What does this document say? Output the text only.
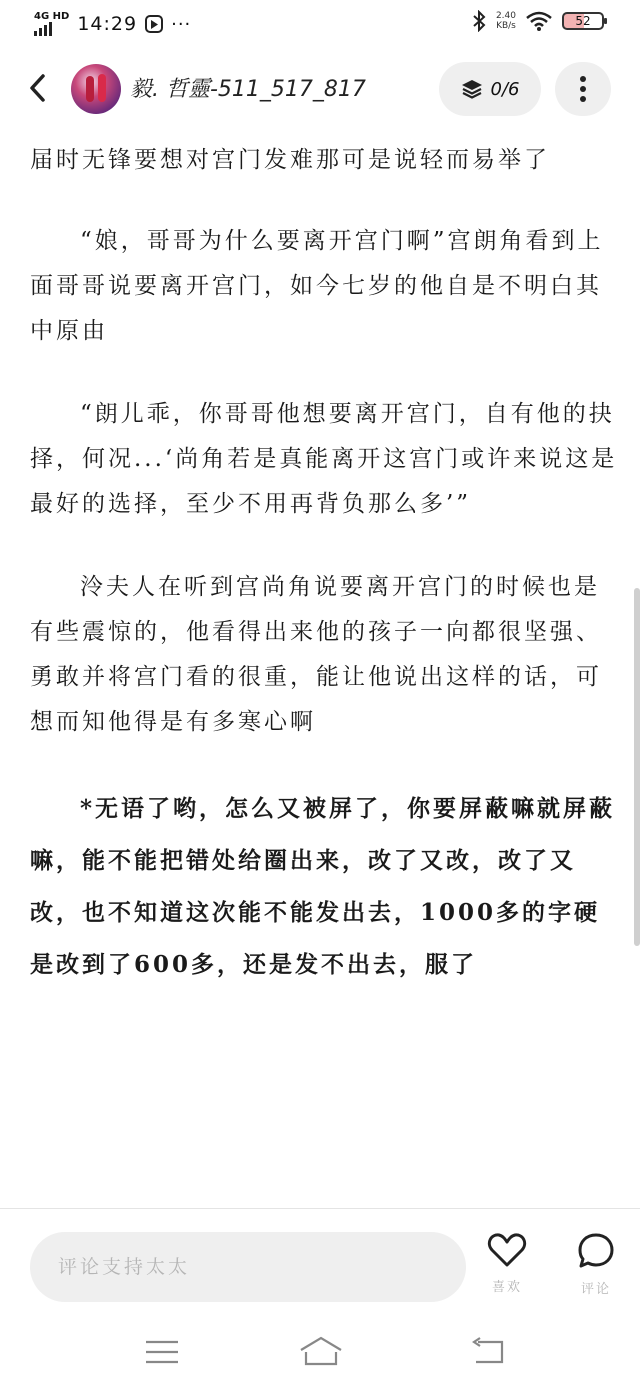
4G HD 14:29 ···	2.40
KB/s	52
毅. 哲靈-511_517_817	0/6

届时无锋要想对宫门发难那可是说轻而易举了

“娘，哥哥为什么要离开宫门啊”宫朗角看到上面哥哥说要离开宫门，如今七岁的他自是不明白其中原由

“朗儿乖，你哥哥他想要离开宫门，自有他的抉择，何况...‘尚角若是真能离开这宫门或许来说这是最好的选择，至少不用再背负那么多’”

泠夫人在听到宫尚角说要离开宫门的时候也是有些震惊的，他看得出来他的孩子一向都很坚强、勇敢并将宫门看的很重，能让他说出这样的话，可想而知他得是有多寒心啊

*无语了哟，怎么又被屏了，你要屏蔽嘛就屏蔽嘛，能不能把错处给圈出来，改了又改，改了又改，也不知道这次能不能发出去，1000多的字硬是改到了600多，还是发不出去，服了

评论支持太太
喜欢	评论
